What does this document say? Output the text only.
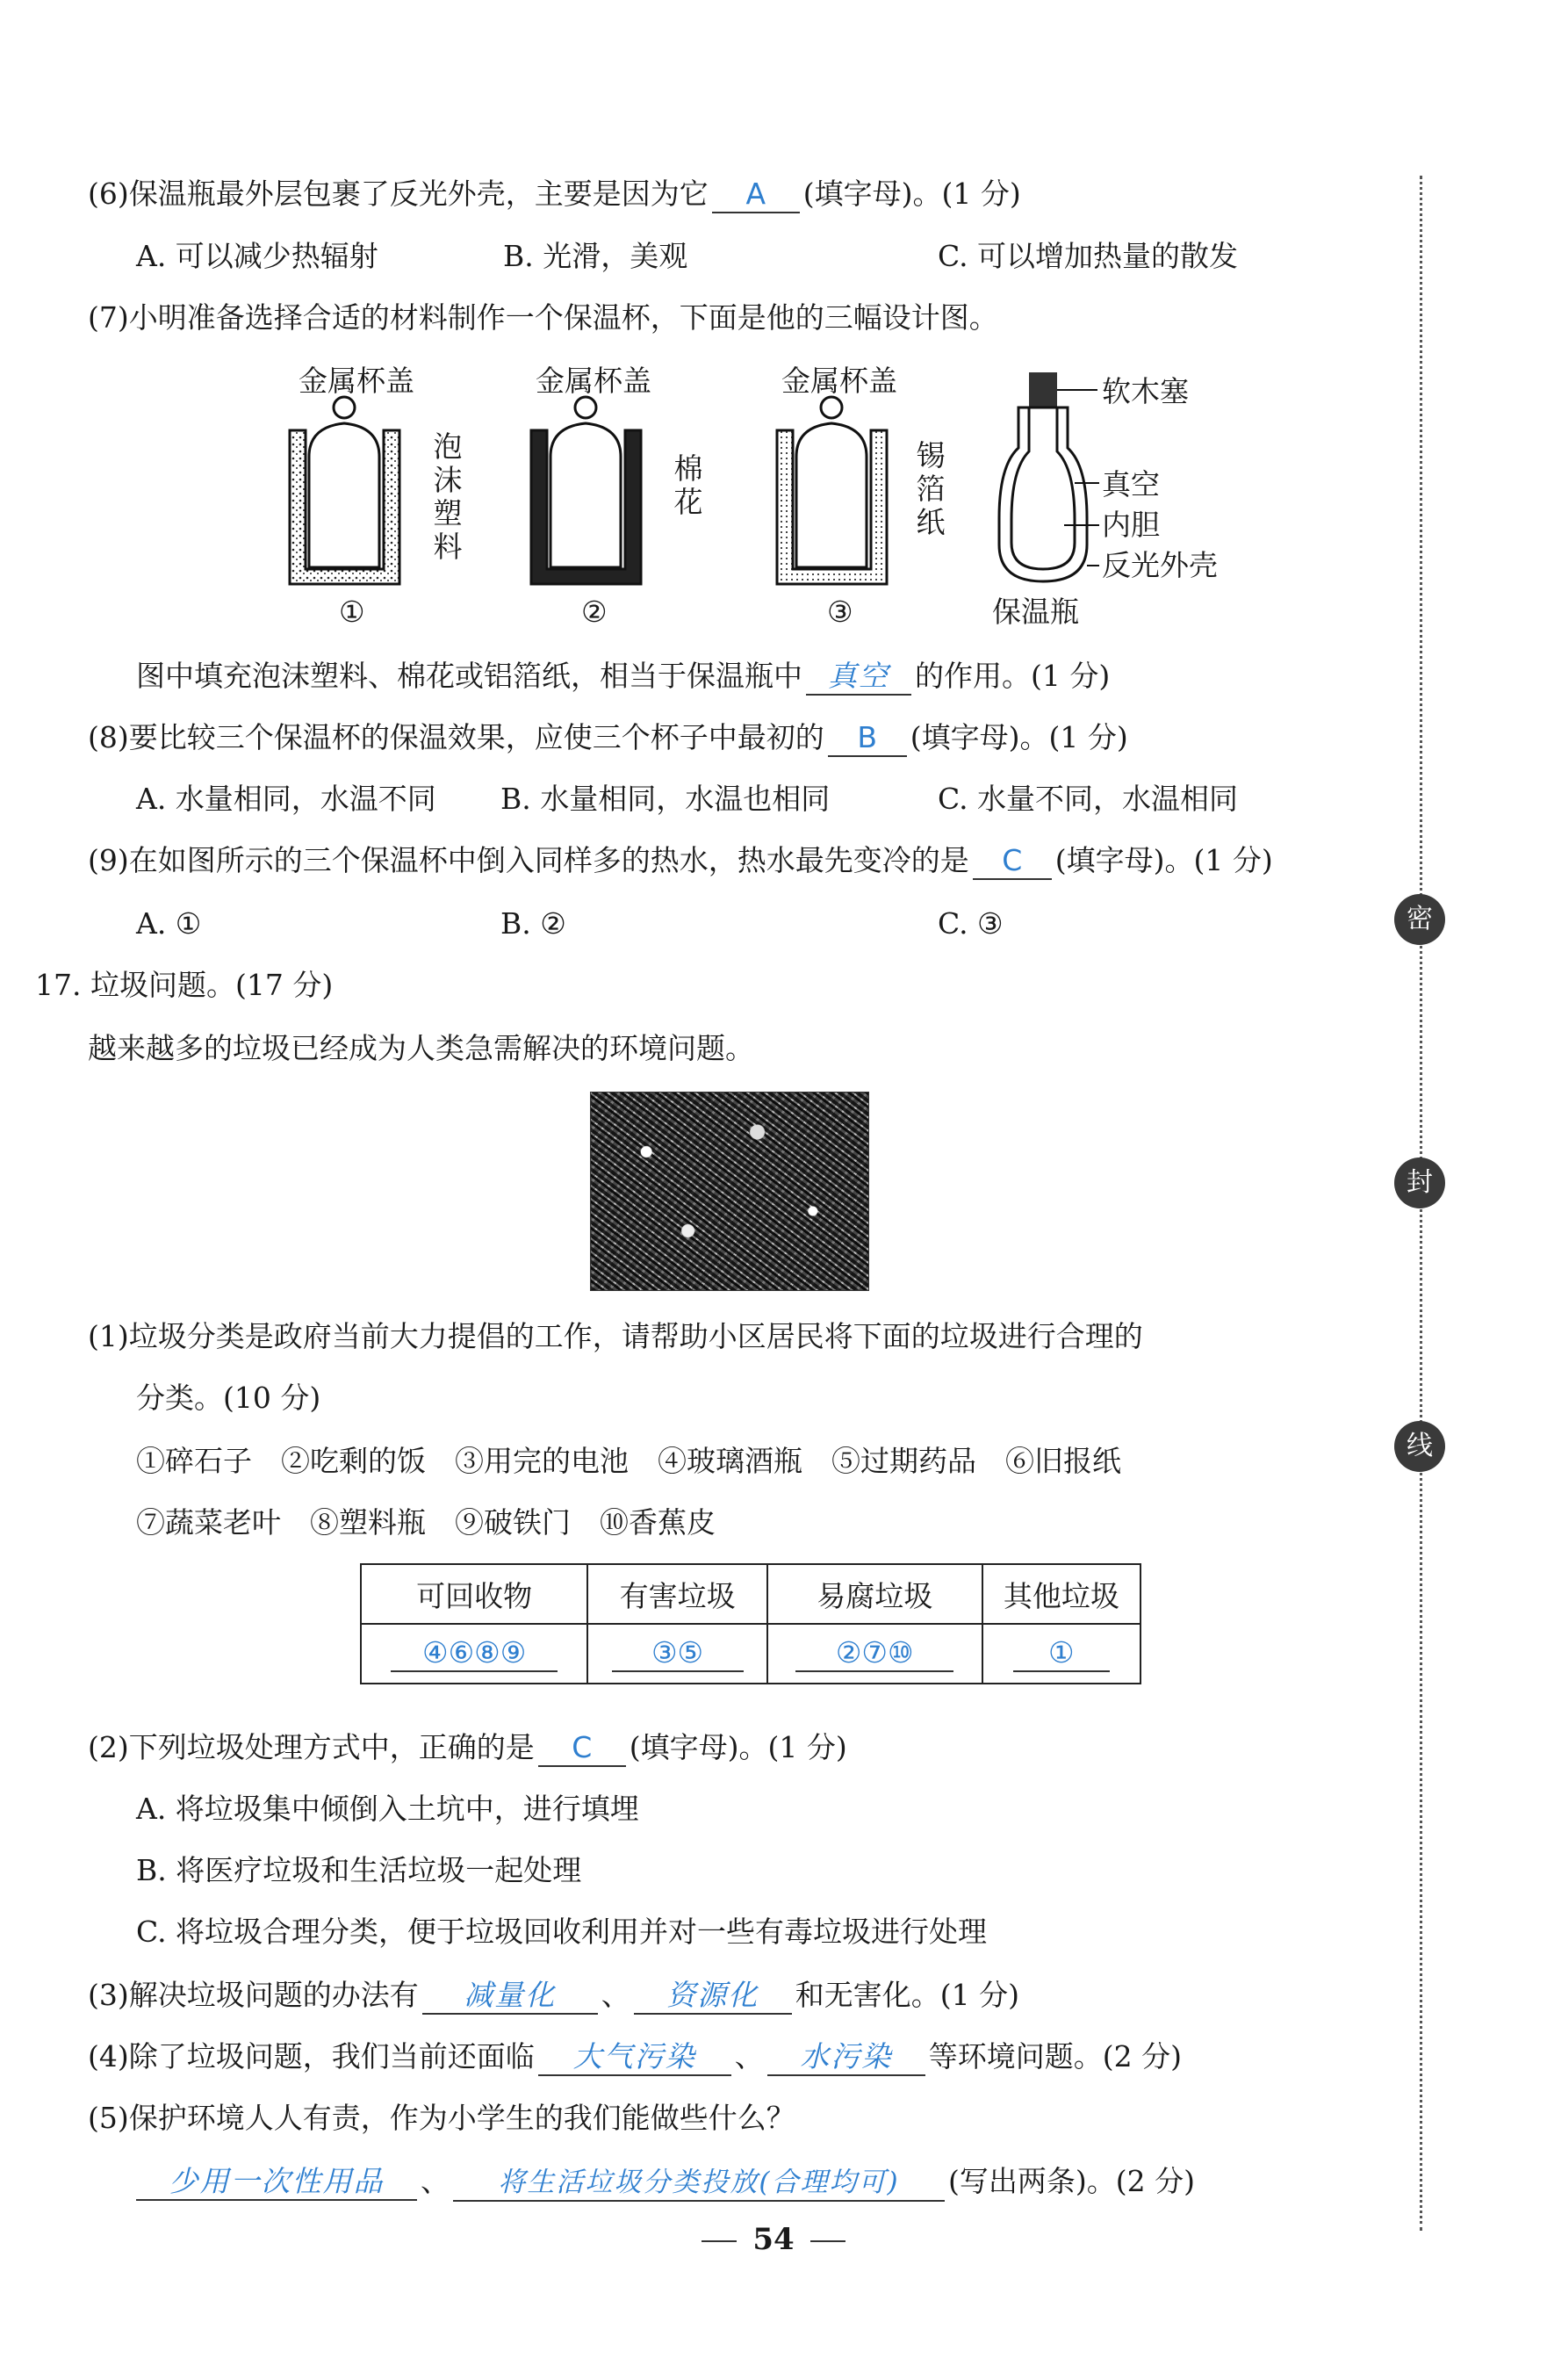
(6)保温瓶最外层包裹了反光外壳，主要是因为它 A (填字母)。(1 分)
A. 可以减少热辐射	B. 光滑，美观	C. 可以增加热量的散发
(7)小明准备选择合适的材料制作一个保温杯，下面是他的三幅设计图。
金属杯盖	金属杯盖	金属杯盖
泡沫塑料
棉花
锡箔纸
①	②	③
软木塞
真空
内胆
反光外壳
保温瓶
图中填充泡沫塑料、棉花或铝箔纸，相当于保温瓶中 真空 的作用。(1 分)
(8)要比较三个保温杯的保温效果，应使三个杯子中最初的 B (填字母)。(1 分)
A. 水量相同，水温不同 B. 水量相同，水温也相同	C. 水量不同，水温相同
(9)在如图所示的三个保温杯中倒入同样多的热水，热水最先变冷的是 C (填字母)。(1 分)
A. ①	B. ②	C. ③
17. 垃圾问题。(17 分)
越来越多的垃圾已经成为人类急需解决的环境问题。
(1)垃圾分类是政府当前大力提倡的工作，请帮助小区居民将下面的垃圾进行合理的
分类。(10 分)
①碎石子　②吃剩的饭　③用完的电池　④玻璃酒瓶　⑤过期药品　⑥旧报纸
⑦蔬菜老叶　⑧塑料瓶　⑨破铁门　⑩香蕉皮
可回收物	有害垃圾	易腐垃圾	其他垃圾
④⑥⑧⑨	③⑤	②⑦⑩	①
(2)下列垃圾处理方式中，正确的是 C (填字母)。(1 分)
A. 将垃圾集中倾倒入土坑中，进行填埋
B. 将医疗垃圾和生活垃圾一起处理
C. 将垃圾合理分类，便于垃圾回收利用并对一些有毒垃圾进行处理
(3)解决垃圾问题的办法有 减量化 、 资源化 和无害化。(1 分)
(4)除了垃圾问题，我们当前还面临 大气污染 、 水污染 等环境问题。(2 分)
(5)保护环境人人有责，作为小学生的我们能做些什么？
少用一次性用品 、 将生活垃圾分类投放(合理均可) (写出两条)。(2 分)
密
封
线
54
